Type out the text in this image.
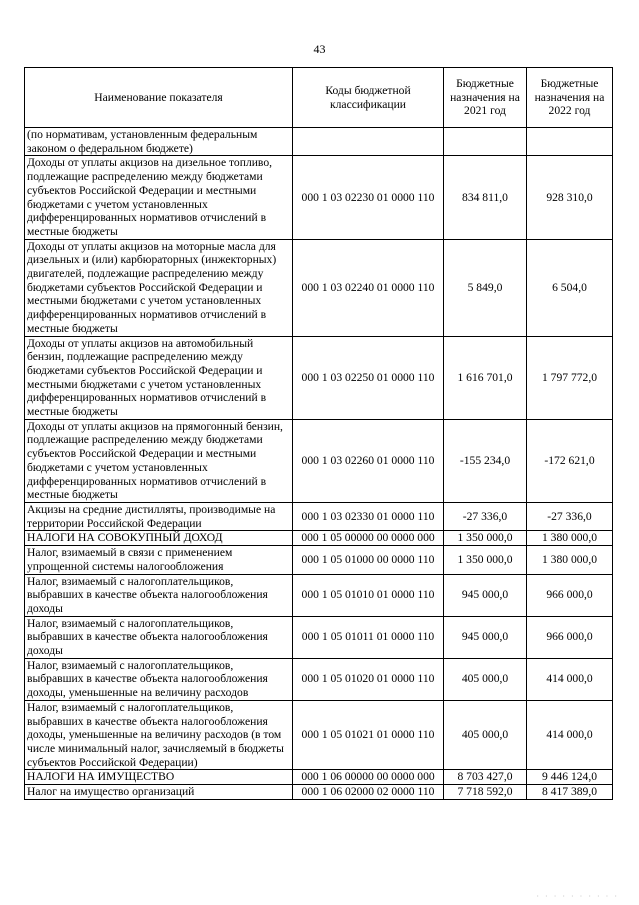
43
Наименование показателя	Коды бюджетной классификации	Бюджетные назначения на 2021 год	Бюджетные назначения на 2022 год
(по нормативам, установленным федеральным законом о федеральном бюджете)			
Доходы от уплаты акцизов на дизельное топливо, подлежащие распределению между бюджетами субъектов Российской Федерации и местными бюджетами с учетом установленных дифференцированных нормативов отчислений в местные бюджеты	000 1 03 02230 01 0000 110	834 811,0	928 310,0
Доходы от уплаты акцизов на моторные масла для дизельных и (или) карбюраторных (инжекторных) двигателей, подлежащие распределению между бюджетами субъектов Российской Федерации и местными бюджетами с учетом установленных дифференцированных нормативов отчислений в местные бюджеты	000 1 03 02240 01 0000 110	5 849,0	6 504,0
Доходы от уплаты акцизов на автомобильный бензин, подлежащие распределению между бюджетами субъектов Российской Федерации и местными бюджетами с учетом установленных дифференцированных нормативов отчислений в местные бюджеты	000 1 03 02250 01 0000 110	1 616 701,0	1 797 772,0
Доходы от уплаты акцизов на прямогонный бензин, подлежащие распределению между бюджетами субъектов Российской Федерации и местными бюджетами с учетом установленных дифференцированных нормативов отчислений в местные бюджеты	000 1 03 02260 01 0000 110	-155 234,0	-172 621,0
Акцизы на средние дистилляты, производимые на территории Российской Федерации	000 1 03 02330 01 0000 110	-27 336,0	-27 336,0
НАЛОГИ НА СОВОКУПНЫЙ ДОХОД	000 1 05 00000 00 0000 000	1 350 000,0	1 380 000,0
Налог, взимаемый в связи с применением упрощенной системы налогообложения	000 1 05 01000 00 0000 110	1 350 000,0	1 380 000,0
Налог, взимаемый с налогоплательщиков, выбравших в качестве объекта налогообложения доходы	000 1 05 01010 01 0000 110	945 000,0	966 000,0
Налог, взимаемый с налогоплательщиков, выбравших в качестве объекта налогообложения доходы	000 1 05 01011 01 0000 110	945 000,0	966 000,0
Налог, взимаемый с налогоплательщиков, выбравших в качестве объекта налогообложения доходы, уменьшенные на величину расходов	000 1 05 01020 01 0000 110	405 000,0	414 000,0
Налог, взимаемый с налогоплательщиков, выбравших в качестве объекта налогообложения доходы, уменьшенные на величину расходов (в том числе минимальный налог, зачисляемый в бюджеты субъектов Российской Федерации)	000 1 05 01021 01 0000 110	405 000,0	414 000,0
НАЛОГИ НА ИМУЩЕСТВО	000 1 06 00000 00 0000 000	8 703 427,0	9 446 124,0
Налог на имущество организаций	000 1 06 02000 02 0000 110	7 718 592,0	8 417 389,0
· · · · · · · · · ·
